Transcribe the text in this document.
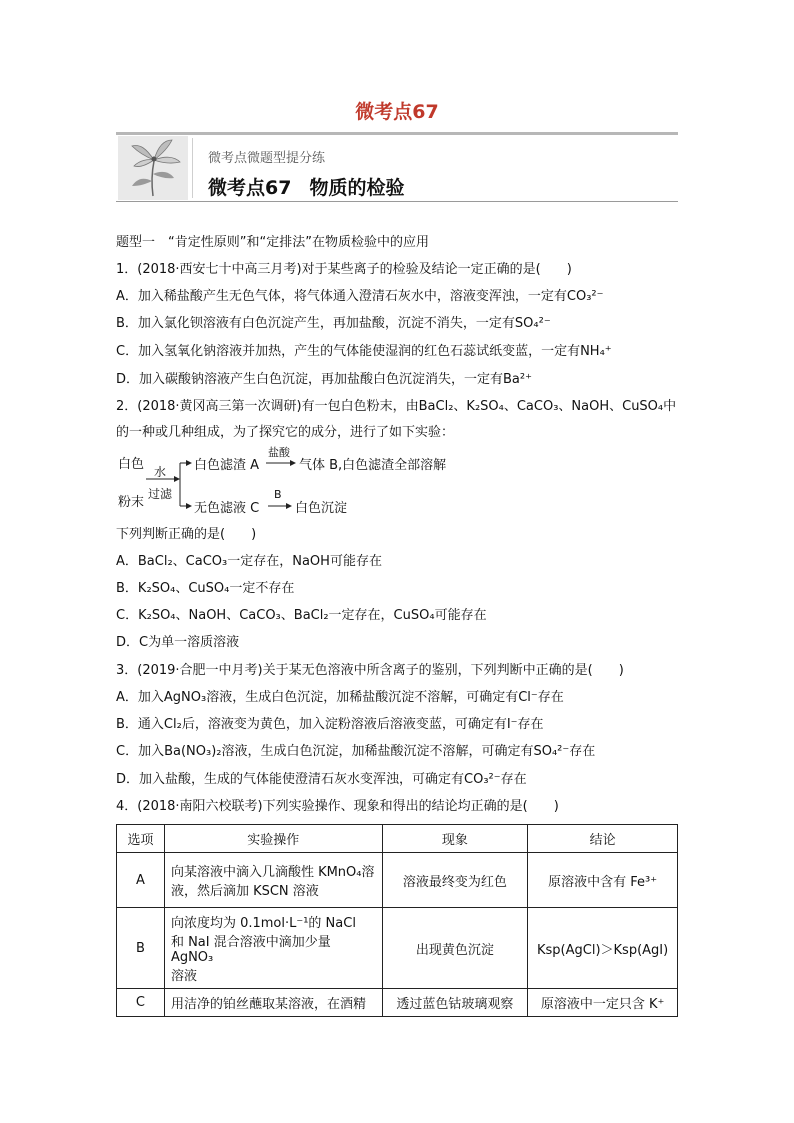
微考点67
微考点微题型提分练
微考点67 物质的检验
题型一　“肯定性原则”和“定排法”在物质检验中的应用
1．(2018·西安七十中高三月考)对于某些离子的检验及结论一定正确的是(　　)
A．加入稀盐酸产生无色气体，将气体通入澄清石灰水中，溶液变浑浊，一定有CO₃²⁻
B．加入氯化钡溶液有白色沉淀产生，再加盐酸，沉淀不消失，一定有SO₄²⁻
C．加入氢氧化钠溶液并加热，产生的气体能使湿润的红色石蕊试纸变蓝，一定有NH₄⁺
D．加入碳酸钠溶液产生白色沉淀，再加盐酸白色沉淀消失，一定有Ba²⁺
2．(2018·黄冈高三第一次调研)有一包白色粉末，由BaCl₂、K₂SO₄、CaCO₃、NaOH、CuSO₄中
的一种或几种组成，为了探究它的成分，进行了如下实验：
白色
粉末
水
过滤
白色滤渣 A
盐酸
气体 B,白色滤渣全部溶解
无色滤液 C
B
白色沉淀
下列判断正确的是(　　)
A．BaCl₂、CaCO₃一定存在，NaOH可能存在
B．K₂SO₄、CuSO₄一定不存在
C．K₂SO₄、NaOH、CaCO₃、BaCl₂一定存在，CuSO₄可能存在
D．C为单一溶质溶液
3．(2019·合肥一中月考)关于某无色溶液中所含离子的鉴别，下列判断中正确的是(　　)
A．加入AgNO₃溶液，生成白色沉淀，加稀盐酸沉淀不溶解，可确定有Cl⁻存在
B．通入Cl₂后，溶液变为黄色，加入淀粉溶液后溶液变蓝，可确定有I⁻存在
C．加入Ba(NO₃)₂溶液，生成白色沉淀，加稀盐酸沉淀不溶解，可确定有SO₄²⁻存在
D．加入盐酸，生成的气体能使澄清石灰水变浑浊，可确定有CO₃²⁻存在
4．(2018·南阳六校联考)下列实验操作、现象和得出的结论均正确的是(　　)
选项	实验操作	现象	结论
A	向某溶液中滴入几滴酸性 KMnO₄溶
液，然后滴加 KSCN 溶液	溶液最终变为红色	原溶液中含有 Fe³⁺
B	向浓度均为 0.1mol·L⁻¹的 NaCl
和 NaI 混合溶液中滴加少量 AgNO₃
溶液	出现黄色沉淀	Ksp(AgCl)＞Ksp(AgI)
C	用洁净的铂丝蘸取某溶液，在酒精	透过蓝色钴玻璃观察	原溶液中一定只含 K⁺
